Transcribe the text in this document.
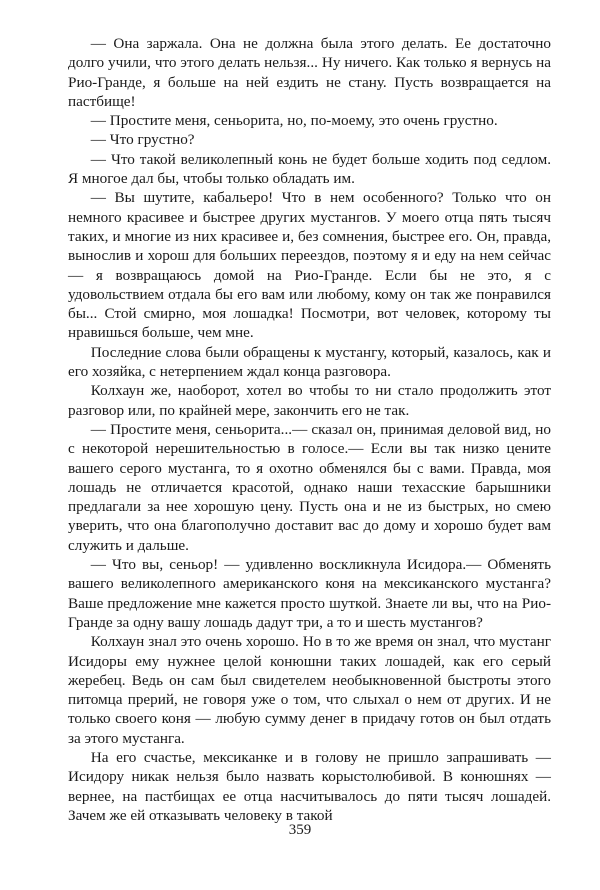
— Она заржала. Она не должна была этого делать. Ее достаточно долго учили, что этого делать нельзя... Ну ничего. Как только я вернусь на Рио-Гранде, я больше на ней ездить не стану. Пусть возвращается на пастбище!

— Простите меня, сеньорита, но, по-моему, это очень грустно.

— Что грустно?

— Что такой великолепный конь не будет больше ходить под седлом. Я многое дал бы, чтобы только обладать им.

— Вы шутите, кабальеро! Что в нем особенного? Только что он немного красивее и быстрее других мустангов. У моего отца пять тысяч таких, и многие из них красивее и, без сомнения, быстрее его. Он, правда, вынослив и хорош для больших переездов, поэтому я и еду на нем сейчас — я возвращаюсь домой на Рио-Гранде. Если бы не это, я с удовольствием отдала бы его вам или любому, кому он так же понравился бы... Стой смирно, моя лошадка! Посмотри, вот человек, которому ты нравишься больше, чем мне.

Последние слова были обращены к мустангу, который, казалось, как и его хозяйка, с нетерпением ждал конца разговора.

Колхаун же, наоборот, хотел во чтобы то ни стало продолжить этот разговор или, по крайней мере, закончить его не так.

— Простите меня, сеньорита...— сказал он, принимая деловой вид, но с некоторой нерешительностью в голосе.— Если вы так низко цените вашего серого мустанга, то я охотно обменялся бы с вами. Правда, моя лошадь не отличается красотой, однако наши техасские барышники предлагали за нее хорошую цену. Пусть она и не из быстрых, но смею уверить, что она благополучно доставит вас до дому и хорошо будет вам служить и дальше.

— Что вы, сеньор! — удивленно воскликнула Исидора.— Обменять вашего великолепного американского коня на мексиканского мустанга? Ваше предложение мне кажется просто шуткой. Знаете ли вы, что на Рио-Гранде за одну вашу лошадь дадут три, а то и шесть мустангов?

Колхаун знал это очень хорошо. Но в то же время он знал, что мустанг Исидоры ему нужнее целой конюшни таких лошадей, как его серый жеребец. Ведь он сам был свидетелем необыкновенной быстроты этого питомца прерий, не говоря уже о том, что слыхал о нем от других. И не только своего коня — любую сумму денег в придачу готов он был отдать за этого мустанга.

На его счастье, мексиканке и в голову не пришло запрашивать — Исидору никак нельзя было назвать корыстолюбивой. В конюшнях — вернее, на пастбищах ее отца насчитывалось до пяти тысяч лошадей. Зачем же ей отказывать человеку в такой

359
